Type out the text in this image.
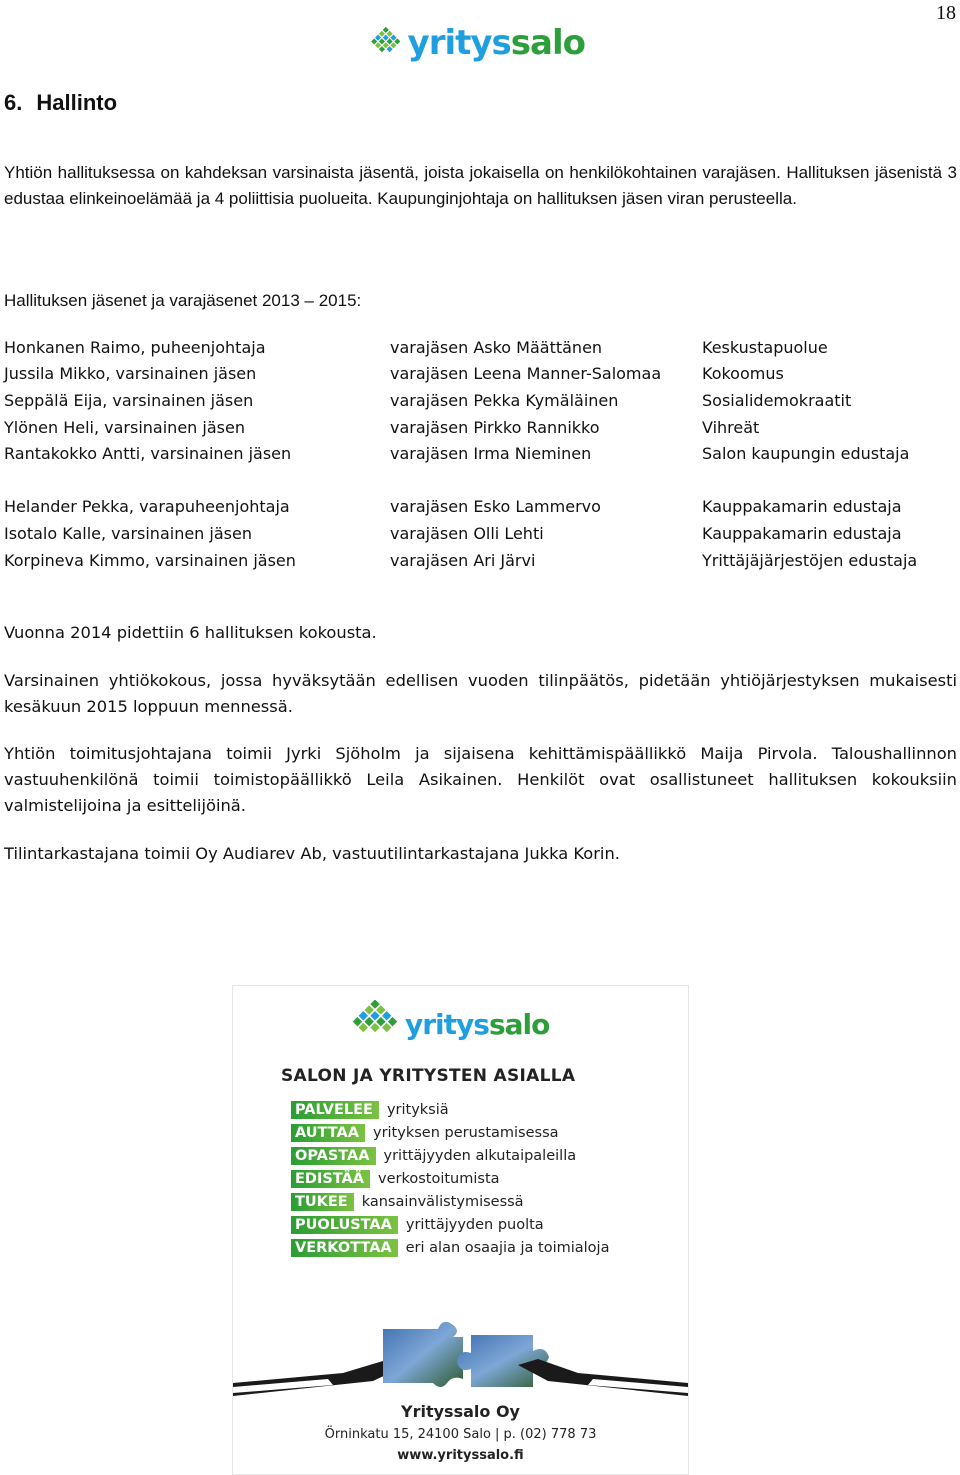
18
yrityssalo
6. Hallinto

Yhtiön hallituksessa on kahdeksan varsinaista jäsentä, joista jokaisella on henkilökohtainen varajäsen. Hallituksen jäsenistä 3 edustaa elinkeinoelämää ja 4 poliittisia puolueita. Kaupunginjohtaja on hallituksen jäsen viran perusteella.

Hallituksen jäsenet ja varajäsenet 2013 – 2015:

Honkanen Raimo, puheenjohtaja	varajäsen Asko Määttänen	Keskustapuolue
Jussila Mikko, varsinainen jäsen	varajäsen Leena Manner-Salomaa	Kokoomus
Seppälä Eija, varsinainen jäsen	varajäsen Pekka Kymäläinen	Sosialidemokraatit
Ylönen Heli, varsinainen jäsen	varajäsen Pirkko Rannikko	Vihreät
Rantakokko Antti, varsinainen jäsen	varajäsen Irma Nieminen	Salon kaupungin edustaja
Helander Pekka, varapuheenjohtaja	varajäsen Esko Lammervo	Kauppakamarin edustaja
Isotalo Kalle, varsinainen jäsen	varajäsen Olli Lehti	Kauppakamarin edustaja
Korpineva Kimmo, varsinainen jäsen	varajäsen Ari Järvi	Yrittäjäjärjestöjen edustaja

Vuonna 2014 pidettiin 6 hallituksen kokousta.

Varsinainen yhtiökokous, jossa hyväksytään edellisen vuoden tilinpäätös, pidetään yhtiöjärjestyksen mukaisesti kesäkuun 2015 loppuun mennessä.

Yhtiön toimitusjohtajana toimii Jyrki Sjöholm ja sijaisena kehittämispäällikkö Maija Pirvola. Taloushallinnon vastuuhenkilönä toimii toimistopäällikkö Leila Asikainen. Henkilöt ovat osallistuneet hallituksen kokouksiin valmistelijoina ja esittelijöinä.

Tilintarkastajana toimii Oy Audiarev Ab, vastuutilintarkastajana Jukka Korin.

yrityssalo
SALON JA YRITYSTEN ASIALLA
PALVELEE yrityksiä
AUTTAA yrityksen perustamisessa
OPASTAA yrittäjyyden alkutaipaleilla
EDISTÄÄ verkostoitumista
TUKEE kansainvälistymisessä
PUOLUSTAA yrittäjyyden puolta
VERKOTTAA eri alan osaajia ja toimialoja
Yrityssalo Oy
Örninkatu 15, 24100 Salo | p. (02) 778 73
www.yrityssalo.fi
